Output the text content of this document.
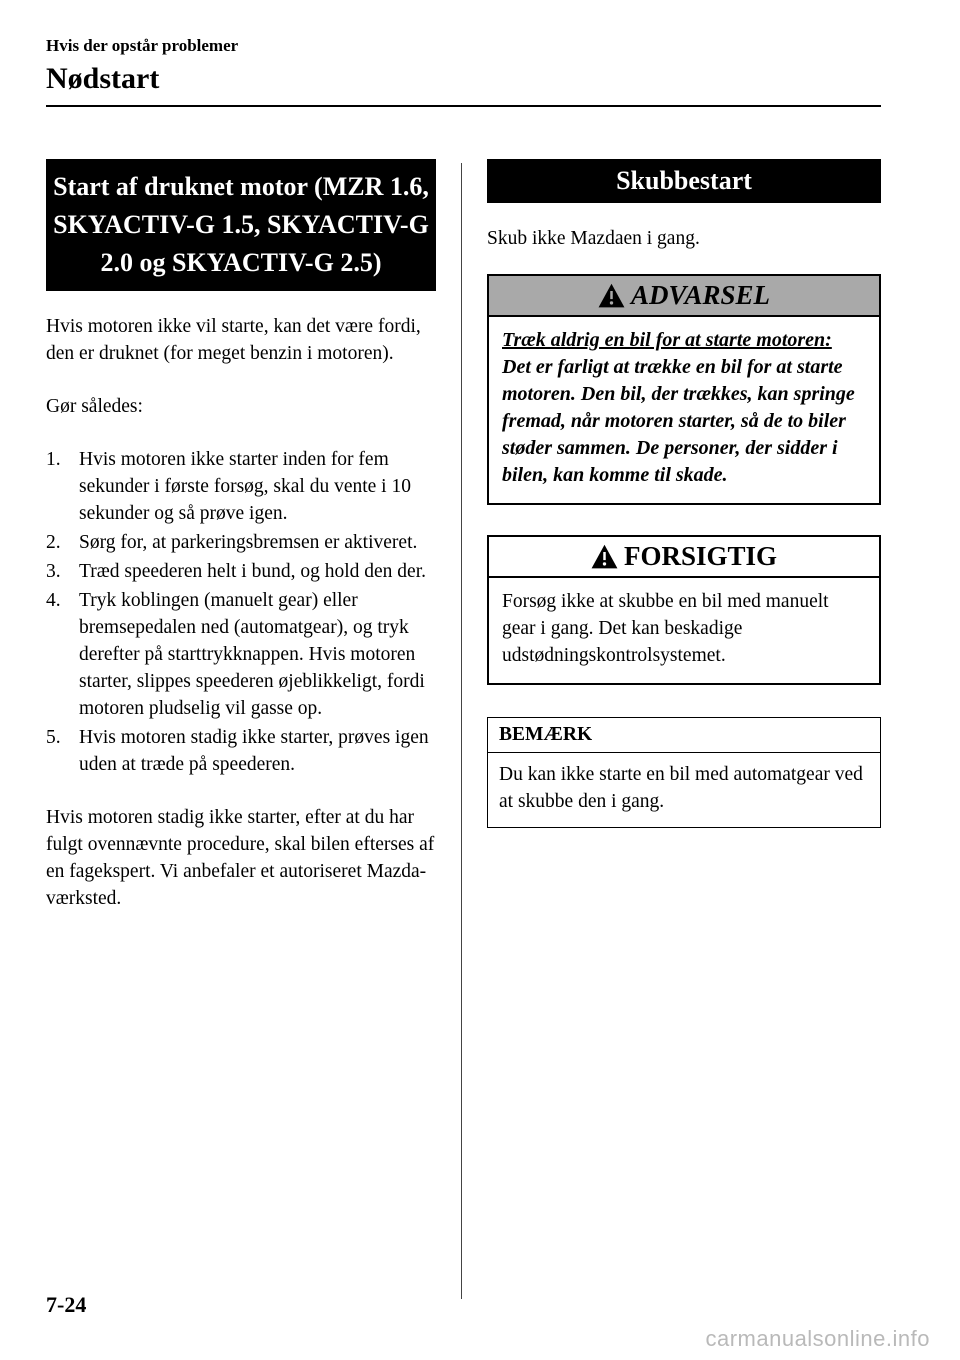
Hvis der opstår problemer
Nødstart
Start af druknet motor (MZR 1.6, SKYACTIV-G 1.5, SKYACTIV-G 2.0 og SKYACTIV-G 2.5)

Hvis motoren ikke vil starte, kan det være fordi, den er druknet (for meget benzin i motoren).

Gør således:

1. Hvis motoren ikke starter inden for fem sekunder i første forsøg, skal du vente i 10 sekunder og så prøve igen.
2. Sørg for, at parkeringsbremsen er aktiveret.
3. Træd speederen helt i bund, og hold den der.
4. Tryk koblingen (manuelt gear) eller bremsepedalen ned (automatgear), og tryk derefter på starttrykknappen. Hvis motoren starter, slippes speederen øjeblikkeligt, fordi motoren pludselig vil gasse op.
5. Hvis motoren stadig ikke starter, prøves igen uden at træde på speederen.

Hvis motoren stadig ikke starter, efter at du har fulgt ovennævnte procedure, skal bilen efterses af en fagekspert. Vi anbefaler et autoriseret Mazda-værksted.

Skubbestart

Skub ikke Mazdaen i gang.

ADVARSEL
Træk aldrig en bil for at starte motoren:
Det er farligt at trække en bil for at starte motoren. Den bil, der trækkes, kan springe fremad, når motoren starter, så de to biler støder sammen. De personer, der sidder i bilen, kan komme til skade.
FORSIGTIG
Forsøg ikke at skubbe en bil med manuelt gear i gang. Det kan beskadige udstødningskontrolsystemet.
BEMÆRK
Du kan ikke starte en bil med automatgear ved at skubbe den i gang.
7-24
carmanualsonline.info
